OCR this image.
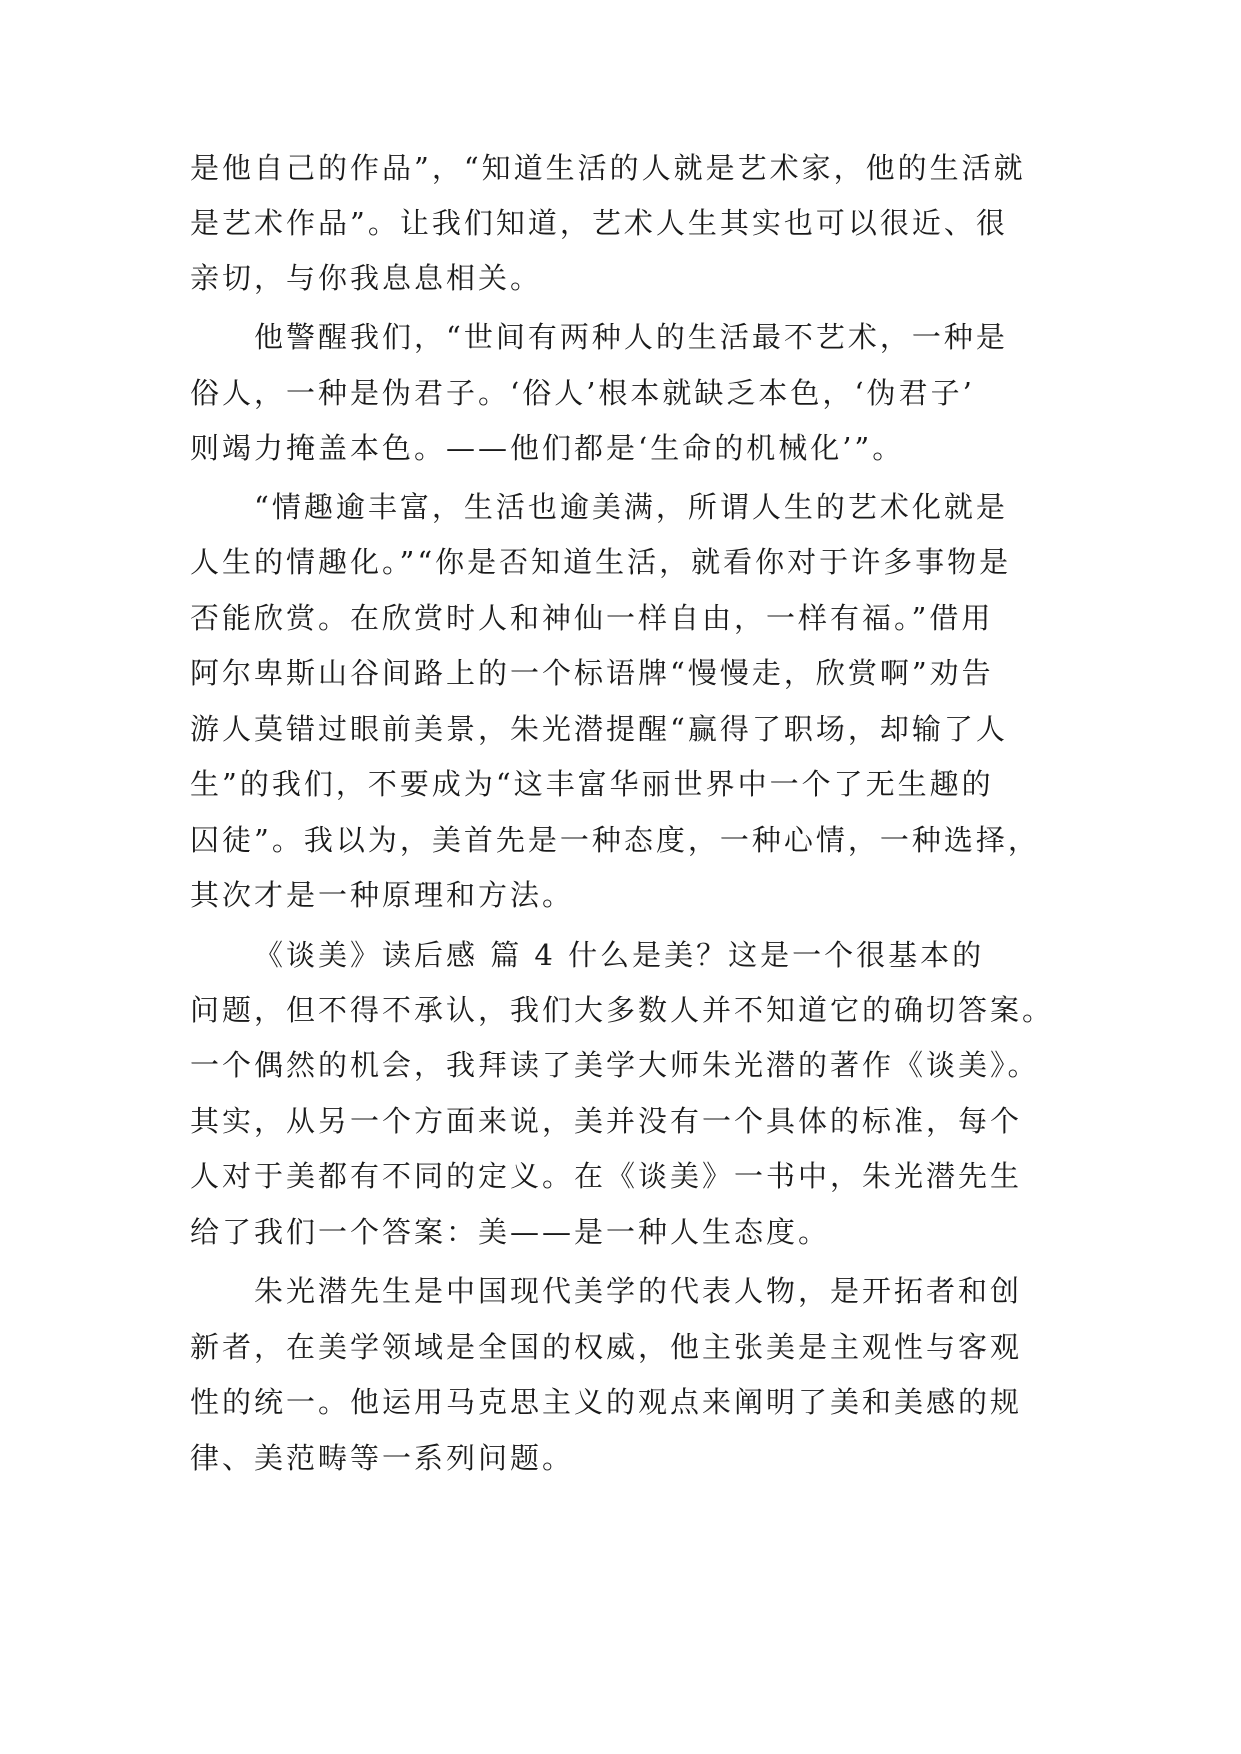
是他自己的作品”，“知道生活的人就是艺术家，他的生活就
是艺术作品”。让我们知道，艺术人生其实也可以很近、很
亲切，与你我息息相关。
他警醒我们，“世间有两种人的生活最不艺术，一种是
俗人，一种是伪君子。‘俗人’根本就缺乏本色，‘伪君子’
则竭力掩盖本色。——他们都是‘生命的机械化’”。
“情趣逾丰富，生活也逾美满，所谓人生的艺术化就是
人生的情趣化。”“你是否知道生活，就看你对于许多事物是
否能欣赏。在欣赏时人和神仙一样自由，一样有福。”借用
阿尔卑斯山谷间路上的一个标语牌“慢慢走，欣赏啊”劝告
游人莫错过眼前美景，朱光潜提醒“赢得了职场，却输了人
生”的我们，不要成为“这丰富华丽世界中一个了无生趣的
囚徒”。我以为，美首先是一种态度，一种心情，一种选择，
其次才是一种原理和方法。
《谈美》读后感 篇 4 什么是美？这是一个很基本的
问题，但不得不承认，我们大多数人并不知道它的确切答案。
一个偶然的机会，我拜读了美学大师朱光潜的著作《谈美》。
其实，从另一个方面来说，美并没有一个具体的标准，每个
人对于美都有不同的定义。在《谈美》一书中，朱光潜先生
给了我们一个答案：美——是一种人生态度。
朱光潜先生是中国现代美学的代表人物，是开拓者和创
新者，在美学领域是全国的权威，他主张美是主观性与客观
性的统一。他运用马克思主义的观点来阐明了美和美感的规
律、美范畴等一系列问题。
